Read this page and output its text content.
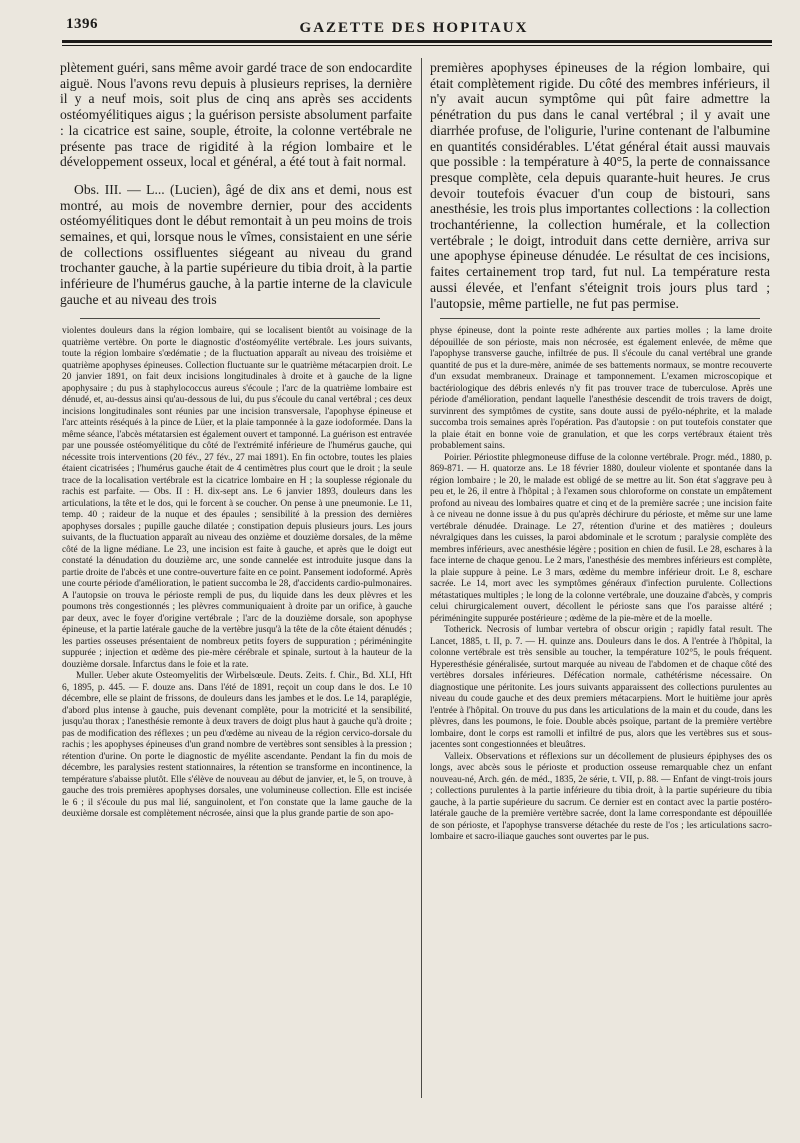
1396	GAZETTE DES HOPITAUX

plètement guéri, sans même avoir gardé trace de son endocardite aiguë. Nous l'avons revu depuis à plusieurs reprises, la dernière il y a neuf mois, soit plus de cinq ans après ses accidents ostéomyélitiques aigus ; la guérison persiste absolument parfaite : la cicatrice est saine, souple, étroite, la colonne vertébrale ne présente pas trace de rigidité à la région lombaire et le développement osseux, local et général, a été tout à fait normal.

Obs. III. — L... (Lucien), âgé de dix ans et demi, nous est montré, au mois de novembre dernier, pour des accidents ostéomyélitiques dont le début remontait à un peu moins de trois semaines, et qui, lorsque nous le vîmes, consistaient en une série de collections ossifluentes siégeant au niveau du grand trochanter gauche, à la partie supérieure du tibia droit, à la partie inférieure de l'humérus gauche, à la partie interne de la clavicule gauche et au niveau des trois

premières apophyses épineuses de la région lombaire, qui était complètement rigide. Du côté des membres inférieurs, il n'y avait aucun symptôme qui pût faire admettre la pénétration du pus dans le canal vertébral ; il y avait une diarrhée profuse, de l'oligurie, l'urine contenant de l'albumine en quantités considérables. L'état général était aussi mauvais que possible : la température à 40°5, la perte de connaissance presque complète, cela depuis quarante-huit heures. Je crus devoir toutefois évacuer d'un coup de bistouri, sans anesthésie, les trois plus importantes collections : la collection trochantérienne, la collection humérale, et la collection vertébrale ; le doigt, introduit dans cette dernière, arriva sur une apophyse épineuse dénudée. Le résultat de ces incisions, faites certainement trop tard, fut nul. La température resta aussi élevée, et l'enfant s'éteignit trois jours plus tard ; l'autopsie, même partielle, ne fut pas permise.

violentes douleurs dans la région lombaire, qui se localisent bientôt au voisinage de la quatrième vertèbre. On porte le diagnostic d'ostéomyélite vertébrale. Les jours suivants, toute la région lombaire s'œdématie ; de la fluctuation apparaît au niveau des troisième et quatrième apophyses épineuses. Collection fluctuante sur le quatrième métacarpien droit. Le 20 janvier 1891, on fait deux incisions longitudinales à droite et à gauche de la ligne apophysaire ; du pus à staphylococcus aureus s'écoule ; l'arc de la quatrième lombaire est dénudé, et, au-dessus ainsi qu'au-dessous de lui, du pus s'écoule du canal vertébral ; ces deux incisions longitudinales sont réunies par une incision transversale, l'apophyse épineuse et l'arc atteints réséqués à la pince de Lüer, et la plaie tamponnée à la gaze iodoformée. Dans la même séance, l'abcès métatarsien est également ouvert et tamponné. La guérison est entravée par une poussée ostéomyélitique du côté de l'extrémité inférieure de l'humérus gauche, qui nécessite trois interventions (20 fév., 27 fév., 27 mai 1891). En fin octobre, toutes les plaies étaient cicatrisées ; l'humérus gauche était de 4 centimètres plus court que le droit ; la seule trace de la localisation vertébrale est la cicatrice lombaire en H ; la souplesse régionale du rachis est parfaite. — Obs. II : H. dix-sept ans. Le 6 janvier 1893, douleurs dans les articulations, la tête et le dos, qui le forcent à se coucher. On pense à une pneumonie. Le 11, temp. 40 ; raideur de la nuque et des épaules ; sensibilité à la pression des dernières apophyses dorsales ; pupille gauche dilatée ; constipation depuis plusieurs jours. Les jours suivants, de la fluctuation apparaît au niveau des onzième et douzième dorsales, de la même côté de la ligne médiane. Le 23, une incision est faite à gauche, et après que le doigt eut constaté la dénudation du douzième arc, une sonde cannelée est introduite jusque dans la partie droite de l'abcès et une contre-ouverture faite en ce point. Pansement iodoformé. Après une courte période d'amélioration, le patient succomba le 28, d'accidents cardio-pulmonaires. A l'autopsie on trouva le périoste rempli de pus, du liquide dans les deux plèvres et les poumons très congestionnés ; les plèvres communiquaient à droite par un orifice, à gauche par deux, avec le foyer d'origine vertébrale ; l'arc de la douzième dorsale, son apophyse épineuse, et la partie latérale gauche de la vertèbre jusqu'à la tête de la côte étaient dénudés ; les parties osseuses présentaient de nombreux petits foyers de suppuration ; périméningite suppurée ; injection et œdème des pie-mère cérébrale et spinale, surtout à la hauteur de la douzième dorsale. Infarctus dans le foie et la rate.

Muller. Ueber akute Osteomyelitis der Wirbelsœule. Deuts. Zeits. f. Chir., Bd. XLI, Hft 6, 1895, p. 445. — F. douze ans. Dans l'été de 1891, reçoit un coup dans le dos. Le 10 décembre, elle se plaint de frissons, de douleurs dans les jambes et le dos. Le 14, paraplégie, d'abord plus intense à gauche, puis devenant complète, pour la motricité et la sensibilité, jusqu'au thorax ; l'anesthésie remonte à deux travers de doigt plus haut à gauche qu'à droite ; pas de modification des réflexes ; un peu d'œdème au niveau de la région cervico-dorsale du rachis ; les apophyses épineuses d'un grand nombre de vertèbres sont sensibles à la pression ; rétention d'urine. On porte le diagnostic de myélite ascendante. Pendant la fin du mois de décembre, les paralysies restent stationnaires, la rétention se transforme en incontinence, la température s'abaisse plutôt. Elle s'élève de nouveau au début de janvier, et, le 5, on trouve, à gauche des trois premières apophyses dorsales, une volumineuse collection. Elle est incisée le 6 ; il s'écoule du pus mal lié, sanguinolent, et l'on constate que la lame gauche de la deuxième dorsale est complètement nécrosée, ainsi que la plus grande partie de son apo-

physe épineuse, dont la pointe reste adhérente aux parties molles ; la lame droite dépouillée de son périoste, mais non nécrosée, est également enlevée, de même que l'apophyse transverse gauche, infiltrée de pus. Il s'écoule du canal vertébral une grande quantité de pus et la dure-mère, animée de ses battements normaux, se montre recouverte d'un exsudat membraneux. Drainage et tamponnement. L'examen microscopique et bactériologique des débris enlevés n'y fit pas trouver trace de tuberculose. Après une période d'amélioration, pendant laquelle l'anesthésie descendit de trois travers de doigt, survinrent des symptômes de cystite, sans doute aussi de pyélo-néphrite, et la malade succomba trois semaines après l'opération. Pas d'autopsie : on put toutefois constater que la plaie était en bonne voie de granulation, et que les corps vertébraux étaient très probablement sains.

Poirier. Périostite phlegmoneuse diffuse de la colonne vertébrale. Progr. méd., 1880, p. 869-871. — H. quatorze ans. Le 18 février 1880, douleur violente et spontanée dans la région lombaire ; le 20, le malade est obligé de se mettre au lit. Son état s'aggrave peu à peu et, le 26, il entre à l'hôpital ; à l'examen sous chloroforme on constate un empâtement profond au niveau des lombaires quatre et cinq et de la première sacrée ; une incision faite à ce niveau ne donne issue à du pus qu'après déchirure du périoste, et même sur une lame vertébrale dénudée. Drainage. Le 27, rétention d'urine et des matières ; douleurs névralgiques dans les cuisses, la paroi abdominale et le scrotum ; paralysie complète des membres inférieurs, avec anesthésie légère ; position en chien de fusil. Le 28, eschares à la face interne de chaque genou. Le 2 mars, l'anesthésie des membres inférieurs est complète, la plaie suppure à peine. Le 3 mars, œdème du membre inférieur droit. Le 8, eschare sacrée. Le 14, mort avec les symptômes généraux d'infection purulente. Collections métastatiques multiples ; le long de la colonne vertébrale, une douzaine d'abcès, y compris celui chirurgicalement ouvert, décollent le périoste sans que l'os paraisse altéré ; périméningite suppurée postérieure ; œdème de la pie-mère et de la moelle.

Totherick. Necrosis of lumbar vertebra of obscur origin ; rapidly fatal result. The Lancet, 1885, t. II, p. 7. — H. quinze ans. Douleurs dans le dos. A l'entrée à l'hôpital, la colonne vertébrale est très sensible au toucher, la température 102°5, le pouls fréquent. Hyperesthésie généralisée, surtout marquée au niveau de l'abdomen et de chaque côté des vertèbres dorsales inférieures. Défécation normale, cathétérisme nécessaire. On diagnostique une péritonite. Les jours suivants apparaissent des collections purulentes au niveau du coude gauche et des deux premiers métacarpiens. Mort le huitième jour après l'entrée à l'hôpital. On trouve du pus dans les articulations de la main et du coude, dans les plèvres, dans les poumons, le foie. Double abcès psoïque, partant de la première vertèbre lombaire, dont le corps est ramolli et infiltré de pus, alors que les vertèbres sus et sous-jacentes sont congestionnées et bleuâtres.

Valleix. Observations et réflexions sur un décollement de plusieurs épiphyses des os longs, avec abcès sous le périoste et production osseuse remarquable chez un enfant nouveau-né, Arch. gén. de méd., 1835, 2e série, t. VII, p. 88. — Enfant de vingt-trois jours ; collections purulentes à la partie inférieure du tibia droit, à la partie supérieure du tibia gauche, à la partie supérieure du sacrum. Ce dernier est en contact avec la partie postéro-latérale gauche de la première vertèbre sacrée, dont la lame correspondante est dépouillée de son périoste, et l'apophyse transverse détachée du reste de l'os ; les articulations sacro-lombaire et sacro-iliaque gauches sont ouvertes par le pus.
